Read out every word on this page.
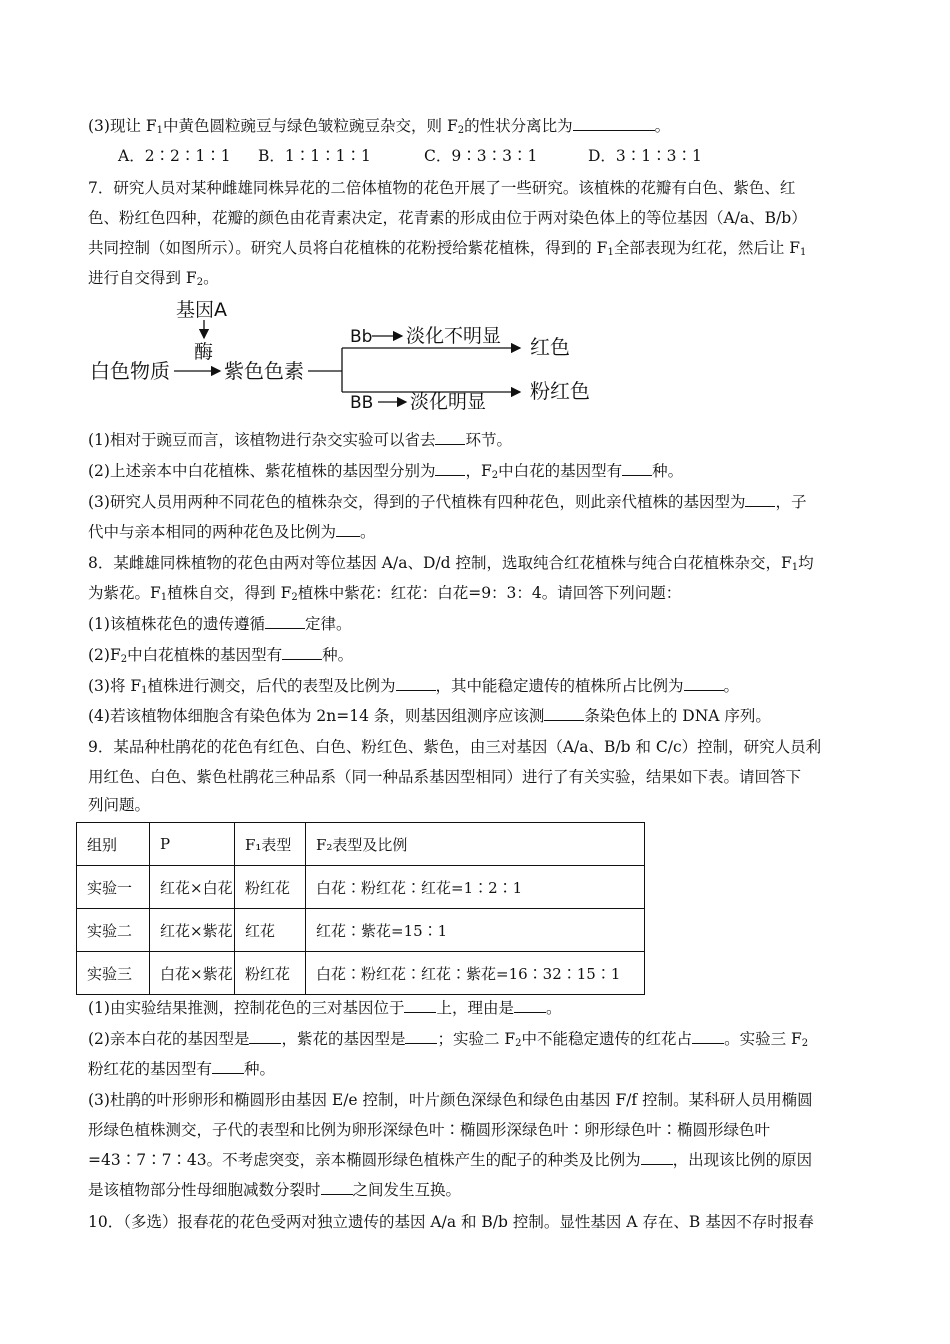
(3)现让 $F_1$中黄色圆粒豌豆与绿色皱粒豌豆杂交，则 $F_2$的性状分离比为	。
A．2∶2∶1∶1 B．1∶1∶1∶1	C．9∶3∶3∶1	D．3∶1∶3∶1
7．研究人员对某种雌雄同株异花的二倍体植物的花色开展了一些研究。该植株的花瓣有白色、紫色、红
色、粉红色四种，花瓣的颜色由花青素决定，花青素的形成由位于两对染色体上的等位基因（A/a、B/b）
共同控制（如图所示）。研究人员将白花植株的花粉授给紫花植株，得到的 $F_1$全部表现为红花，然后让 $F_1$
进行自交得到 $F_2$。
基因A
酶
白色物质	紫色色素
Bb 淡化不明显 红色
BB 淡化明显 粉红色
(1)相对于豌豆而言，该植物进行杂交实验可以省去 环节。
(2)上述亲本中白花植株、紫花植株的基因型分别为 ，$F_2$中白花的基因型有 种。
(3)研究人员用两种不同花色的植株杂交，得到的子代植株有四种花色，则此亲代植株的基因型为 ，子
代中与亲本相同的两种花色及比例为 。
8．某雌雄同株植物的花色由两对等位基因 A/a、D/d 控制，选取纯合红花植株与纯合白花植株杂交，$F_1$均
为紫花。$F_1$植株自交，得到 $F_2$植株中紫花：红花：白花=9：3：4。请回答下列问题：
(1)该植株花色的遗传遵循	定律。
$(2)F_2$中白花植株的基因型有	种。
(3)将 $F_1$植株进行测交，后代的表型及比例为	，其中能稳定遗传的植株所占比例为	。
(4)若该植物体细胞含有染色体为 2n=14 条，则基因组测序应该测	条染色体上的 DNA 序列。
9．某品种杜鹃花的花色有红色、白色、粉红色、紫色，由三对基因（A/a、B/b 和 C/c）控制，研究人员利
用红色、白色、紫色杜鹃花三种品系（同一种品系基因型相同）进行了有关实验，结果如下表。请回答下
列问题。
组别	P	F₁表型	F₂表型及比例
实验一	红花×白花	粉红花	白花∶粉红花∶红花=1∶2∶1
实验二	红花×紫花	红花	红花∶紫花=15∶1
实验三	白花×紫花	粉红花	白花∶粉红花∶红花∶紫花=16∶32∶15∶1
(1)由实验结果推测，控制花色的三对基因位于 上，理由是 。
(2)亲本白花的基因型是 ，紫花的基因型是 ；实验二 $F_2$中不能稳定遗传的红花占 。实验三 $F_2$
粉红花的基因型有 种。
(3)杜鹃的叶形卵形和椭圆形由基因 E/e 控制，叶片颜色深绿色和绿色由基因 F/f 控制。某科研人员用椭圆
形绿色植株测交，子代的表型和比例为卵形深绿色叶∶椭圆形深绿色叶∶卵形绿色叶∶椭圆形绿色叶
=43∶7∶7∶43。不考虑突变，亲本椭圆形绿色植株产生的配子的种类及比例为 ，出现该比例的原因
是该植物部分性母细胞减数分裂时 之间发生互换。
10．（多选）报春花的花色受两对独立遗传的基因 A/a 和 B/b 控制。显性基因 A 存在、B 基因不存时报春
